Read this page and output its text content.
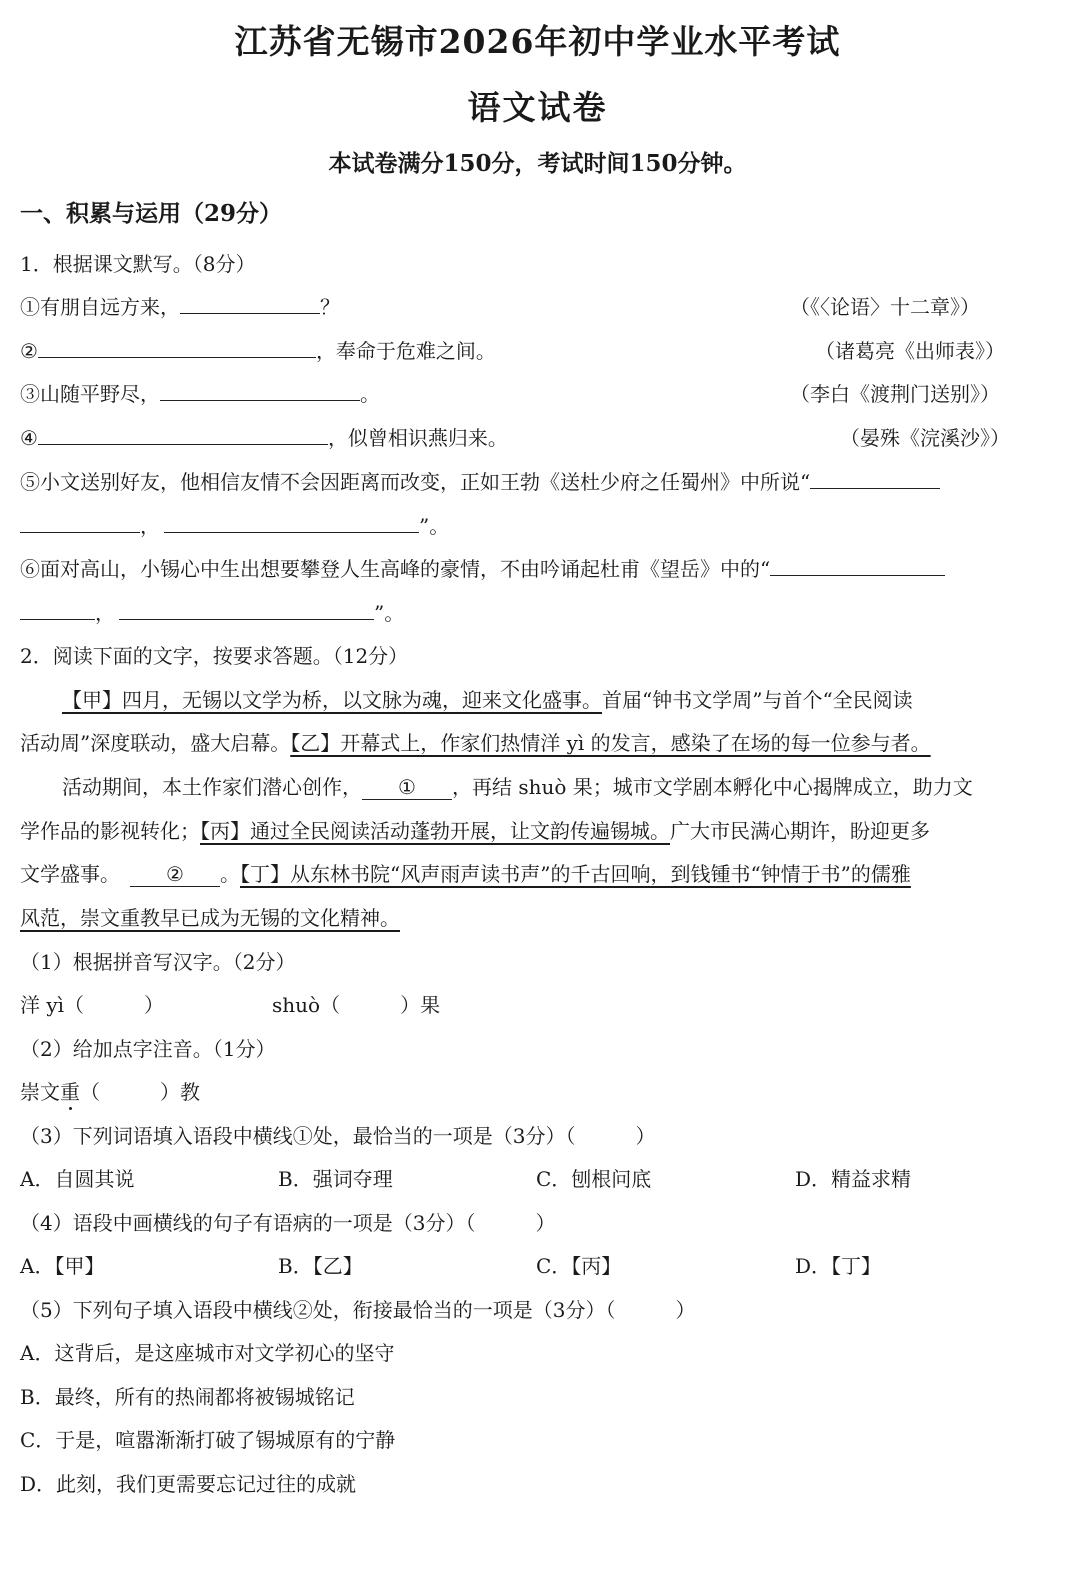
江苏省无锡市2026年初中学业水平考试
语文试卷
本试卷满分150分，考试时间150分钟。
一、积累与运用（29分）
1．根据课文默写。（8分）
①有朋自远方来，	？	（《〈论语〉十二章》）
②	，奉命于危难之间。	（诸葛亮《出师表》）
③山随平野尽，	。	（李白《渡荆门送别》）
④	，似曾相识燕归来。	（晏殊《浣溪沙》）
⑤小文送别好友，他相信友情不会因距离而改变，正如王勃《送杜少府之任蜀州》中所说“
，	”。
⑥面对高山，小锡心中生出想要攀登人生高峰的豪情，不由吟诵起杜甫《望岳》中的“
，	”。
2．阅读下面的文字，按要求答题。（12分）
【甲】四月，无锡以文学为桥，以文脉为魂，迎来文化盛事。首届“钟书文学周”与首个“全民阅读
活动周”深度联动，盛大启幕。【乙】开幕式上，作家们热情洋 yì 的发言，感染了在场的每一位参与者。
活动期间，本土作家们潜心创作， ① ，再结 shuò 果；城市文学剧本孵化中心揭牌成立，助力文
学作品的影视转化；【丙】通过全民阅读活动蓬勃开展，让文韵传遍锡城。广大市民满心期许，盼迎更多
文学盛事。 ② 。【丁】从东林书院“风声雨声读书声”的千古回响，到钱锺书“钟情于书”的儒雅
风范，崇文重教早已成为无锡的文化精神。
（1）根据拼音写汉字。（2分）
洋 yì（　　　）	shuò（　　　）果
（2）给加点字注音。（1分）
崇文重（　　　）教
（3）下列词语填入语段中横线①处，最恰当的一项是（3分）（　　　）
A．自圆其说	B．强词夺理	C．刨根问底	D．精益求精
（4）语段中画横线的句子有语病的一项是（3分）（　　　）
A．【甲】	B．【乙】	C．【丙】	D．【丁】
（5）下列句子填入语段中横线②处，衔接最恰当的一项是（3分）（　　　）
A．这背后，是这座城市对文学初心的坚守
B．最终，所有的热闹都将被锡城铭记
C．于是，喧嚣渐渐打破了锡城原有的宁静
D．此刻，我们更需要忘记过往的成就
